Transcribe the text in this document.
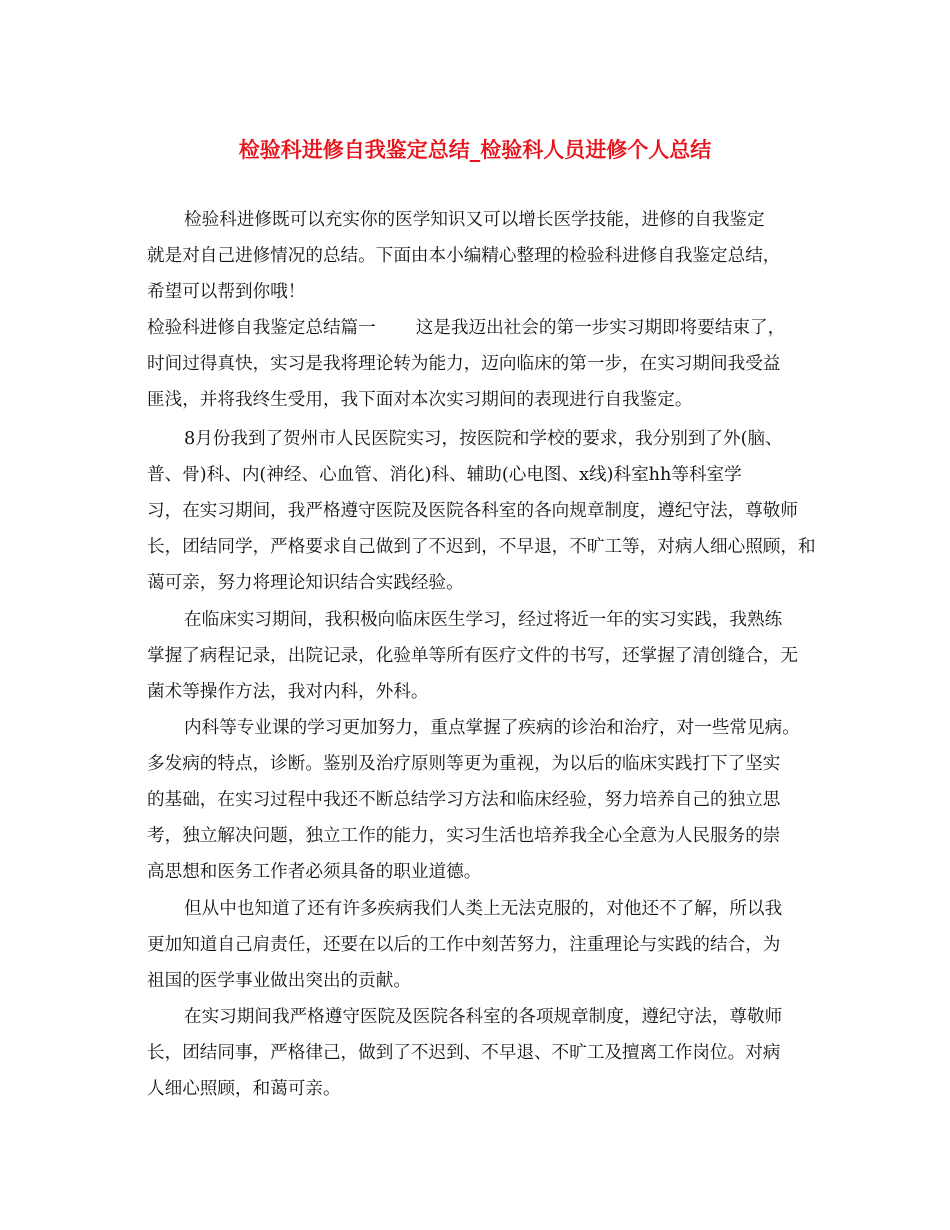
检验科进修自我鉴定总结_检验科人员进修个人总结

检验科进修既可以充实你的医学知识又可以增长医学技能，进修的自我鉴定

就是对自己进修情况的总结。下面由本小编精心整理的检验科进修自我鉴定总结，

希望可以帮到你哦！

检验科进修自我鉴定总结篇一 这是我迈出社会的第一步实习期即将要结束了，

时间过得真快，实习是我将理论转为能力，迈向临床的第一步，在实习期间我受益

匪浅，并将我终生受用，我下面对本次实习期间的表现进行自我鉴定。

8月份我到了贺州市人民医院实习，按医院和学校的要求，我分别到了外(脑、

普、骨)科、内(神经、心血管、消化)科、辅助(心电图、x线)科室hh等科室学

习，在实习期间，我严格遵守医院及医院各科室的各向规章制度，遵纪守法，尊敬师

长，团结同学，严格要求自己做到了不迟到，不早退，不旷工等，对病人细心照顾，和

蔼可亲，努力将理论知识结合实践经验。

在临床实习期间，我积极向临床医生学习，经过将近一年的实习实践，我熟练

掌握了病程记录，出院记录，化验单等所有医疗文件的书写，还掌握了清创缝合，无

菌术等操作方法，我对内科，外科。

内科等专业课的学习更加努力，重点掌握了疾病的诊治和治疗，对一些常见病。

多发病的特点，诊断。鉴别及治疗原则等更为重视，为以后的临床实践打下了坚实

的基础，在实习过程中我还不断总结学习方法和临床经验，努力培养自己的独立思

考，独立解决问题，独立工作的能力，实习生活也培养我全心全意为人民服务的崇

高思想和医务工作者必须具备的职业道德。

但从中也知道了还有许多疾病我们人类上无法克服的，对他还不了解，所以我

更加知道自己肩责任，还要在以后的工作中刻苦努力，注重理论与实践的结合，为

祖国的医学事业做出突出的贡献。

在实习期间我严格遵守医院及医院各科室的各项规章制度，遵纪守法，尊敬师

长，团结同事，严格律己，做到了不迟到、不早退、不旷工及擅离工作岗位。对病

人细心照顾，和蔼可亲。
